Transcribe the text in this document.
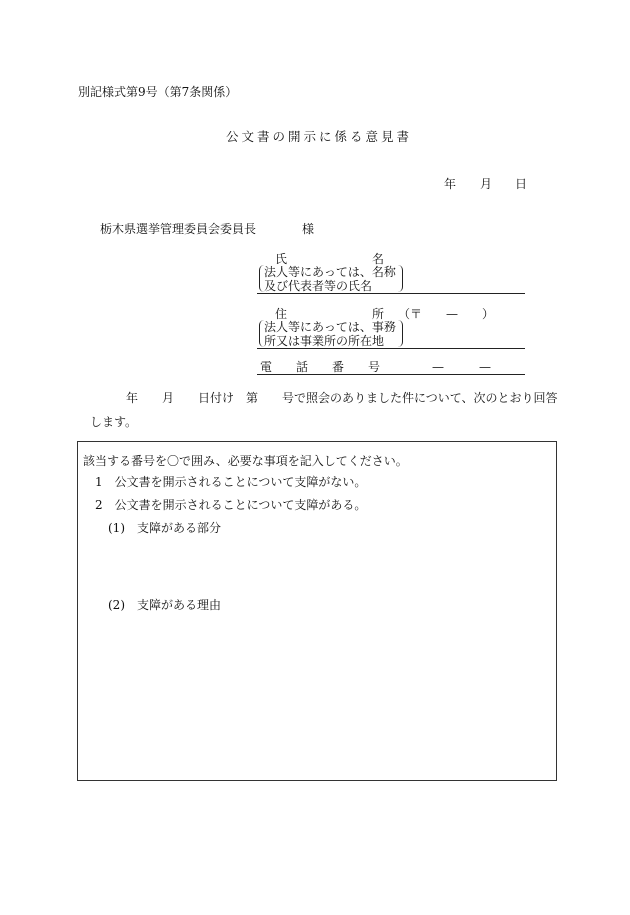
別記様式第9号（第7条関係）
公文書の開示に係る意見書
年 月 日
栃木県選挙管理委員会委員長	様
氏	名
法人等にあっては、名称
及び代表者等の氏名
住	所 （〒　　—　　）
法人等にあっては、事務
所又は事業所の所在地
電　　話　　番　　号	—	—
年　　月　　日付け　第　　号で照会のありました件について、次のとおり回答
します。
該当する番号を〇で囲み、必要な事項を記入してください。
1　公文書を開示されることについて支障がない。
2　公文書を開示されることについて支障がある。
(1)　支障がある部分
(2)　支障がある理由
